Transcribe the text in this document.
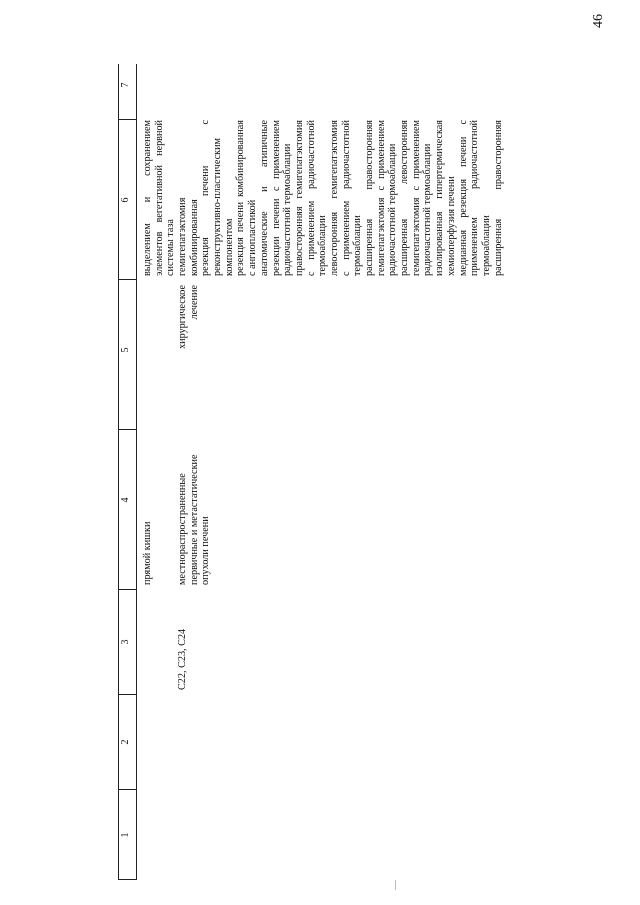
46
1
2
3
4
5
6
7
прямой кишки
выделением и сохранением элементов вегетативной нервной системы таза
C22, C23, C24
местнораспространенные первичные и метастатические опухоли печени
хирургическое лечение
гемигепатэктомия комбинированная резекция печени с реконструктивно-пластическим компонентом резекция печени комбинированная с ангиопластикой анатомические и атипичные резекции печени с применением радиочастотной термоаблации правосторонняя гемигепатэктомия с применением радиочастотной термоаблации левосторонняя гемигепатэктомия с применением радиочастотной термоаблации расширенная правосторонняя гемигепатэктомия с применением радиочастотной термоаблации расширенная левосторонняя гемигепатэктомия с применением радиочастотной термоаблации изолированная гипертермическая хемиоперфузия печени медианная резекция печени с применением радиочастотной термоаблации расширенная правосторонняя
